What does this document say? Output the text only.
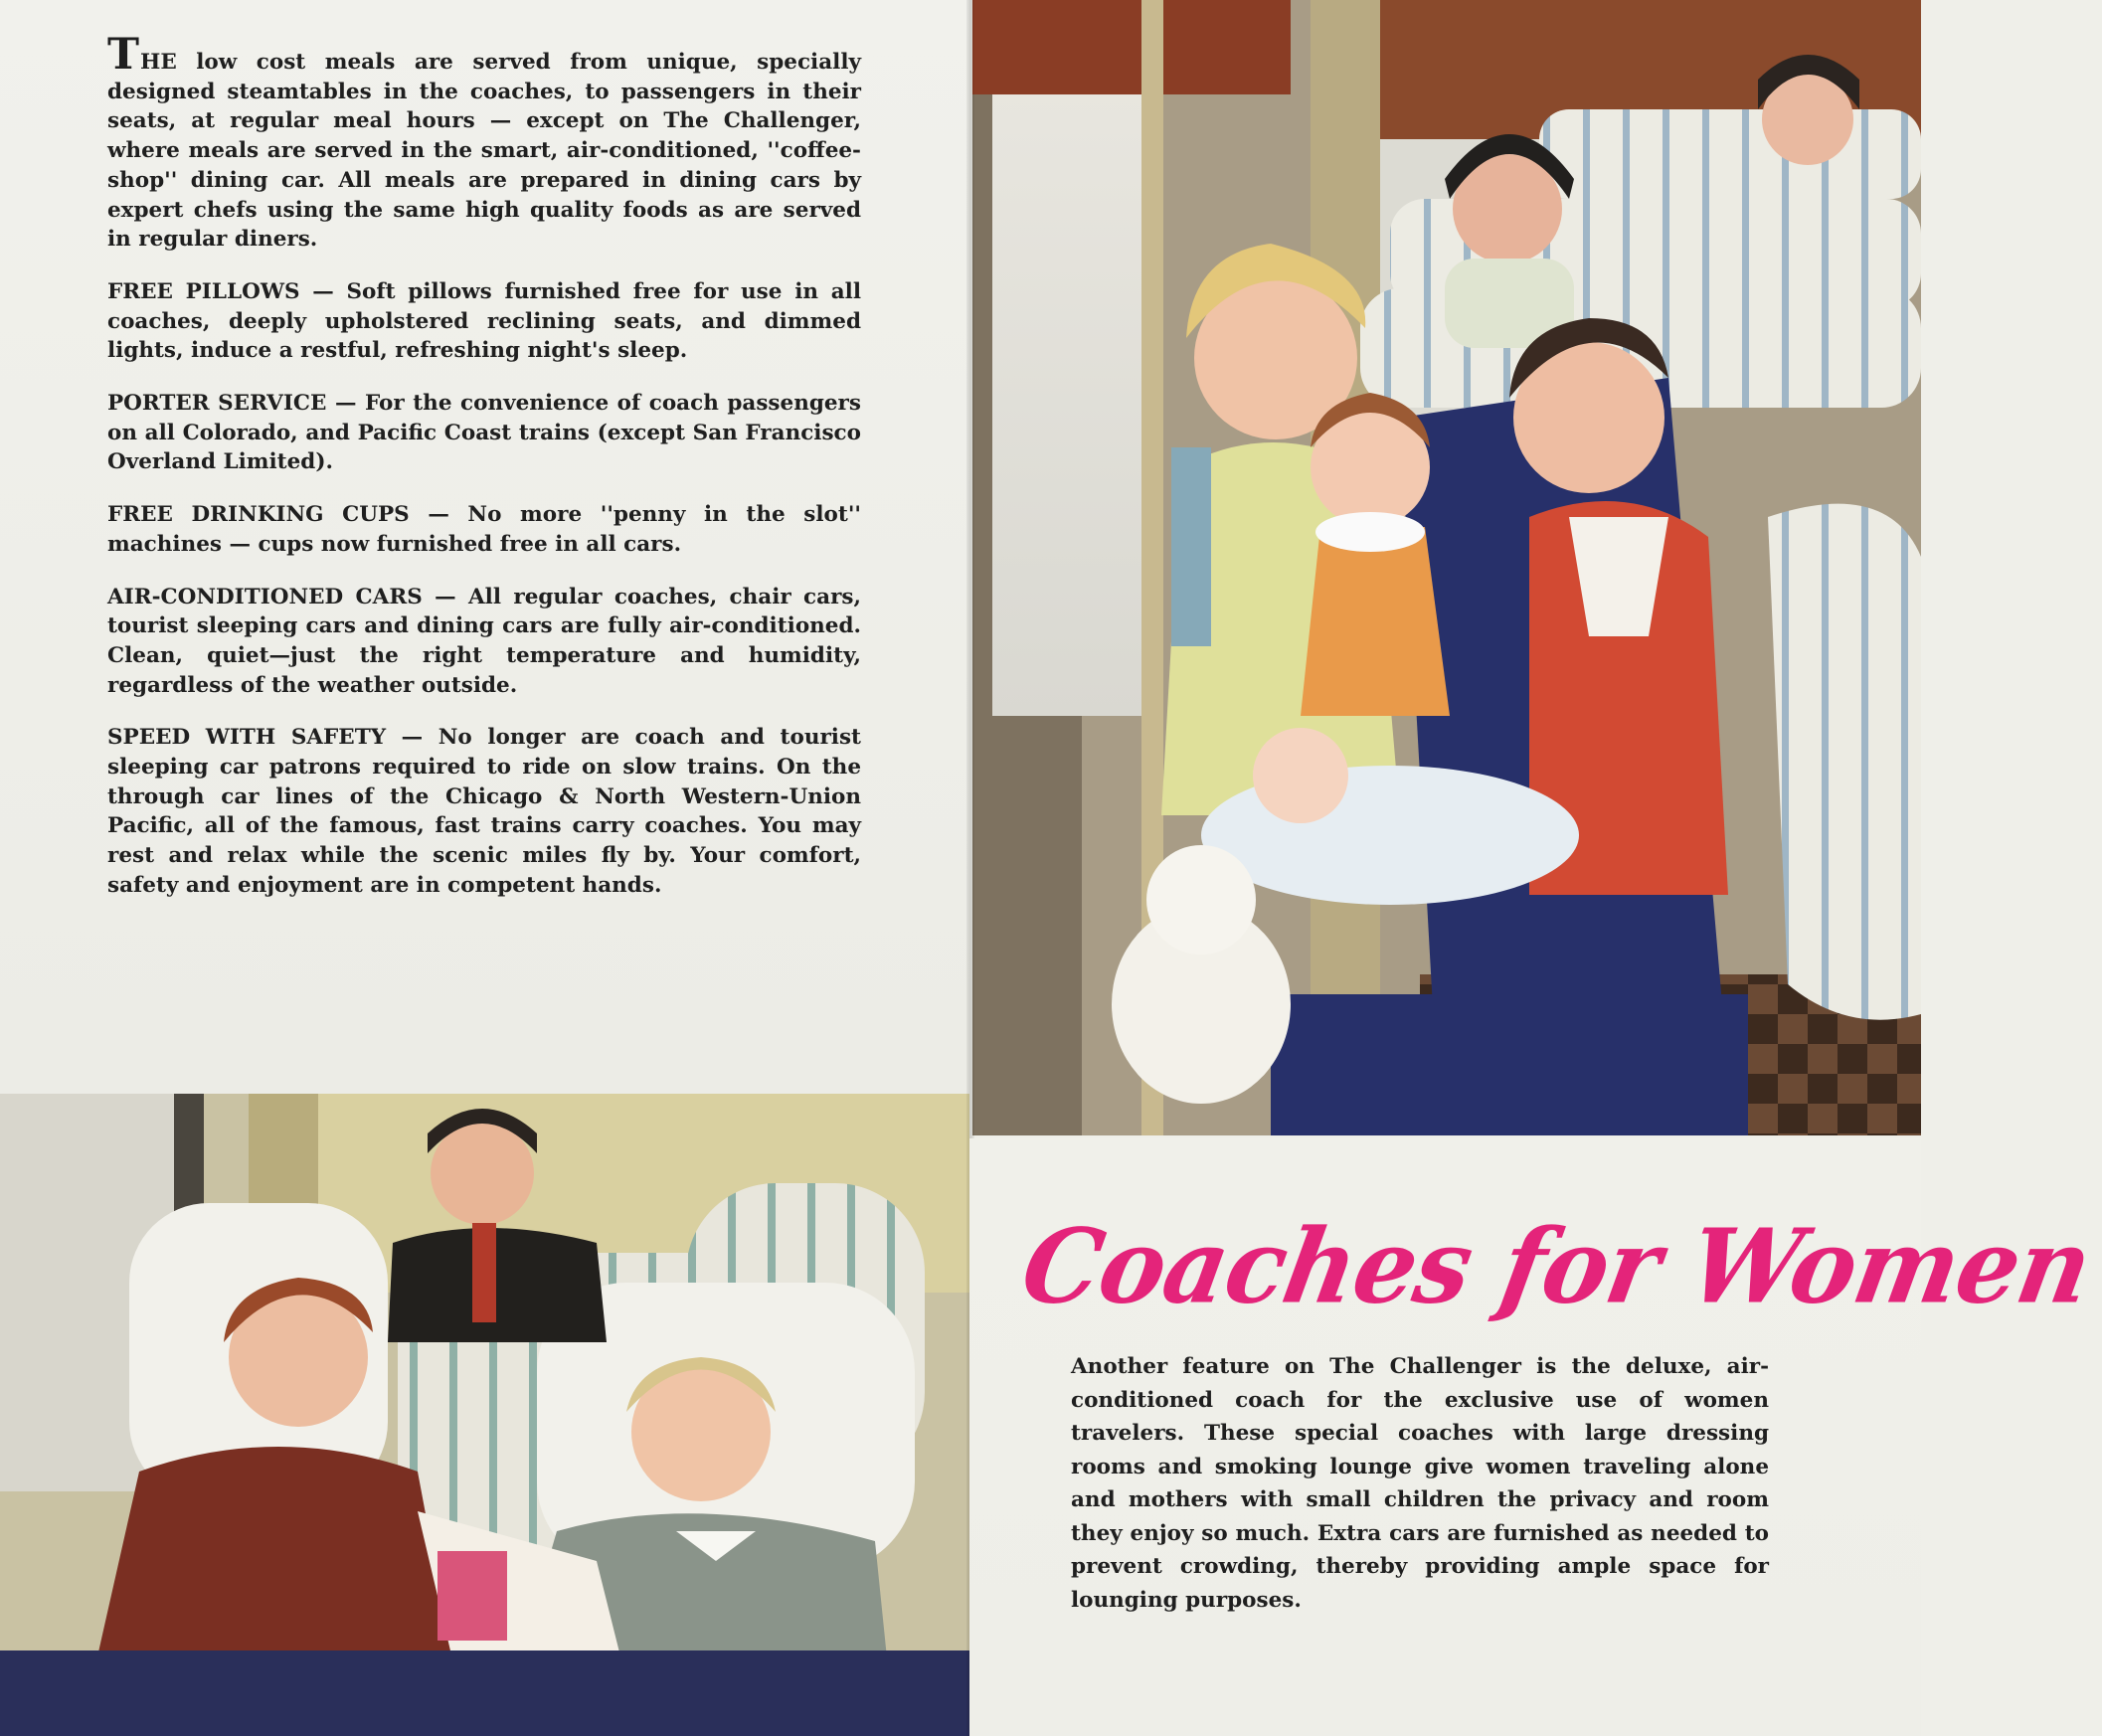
THE low cost meals are served from unique, specially designed steamtables in the coaches, to passengers in their seats, at regular meal hours — except on The Challenger, where meals are served in the smart, air-conditioned, ''coffee-shop'' dining car. All meals are prepared in dining cars by expert chefs using the same high quality foods as are served in regular diners.

FREE PILLOWS — Soft pillows furnished free for use in all coaches, deeply upholstered reclining seats, and dimmed lights, induce a restful, refreshing night's sleep.

PORTER SERVICE — For the convenience of coach passengers on all Colorado, and Pacific Coast trains (except San Francisco Overland Limited).

FREE DRINKING CUPS — No more ''penny in the slot'' machines — cups now furnished free in all cars.

AIR-CONDITIONED CARS — All regular coaches, chair cars, tourist sleeping cars and dining cars are fully air-conditioned. Clean, quiet—just the right temperature and humidity, regardless of the weather outside.

SPEED WITH SAFETY — No longer are coach and tourist sleeping car patrons required to ride on slow trains. On the through car lines of the Chicago & North Western-Union Pacific, all of the famous, fast trains carry coaches. You may rest and relax while the scenic miles fly by. Your comfort, safety and enjoyment are in competent hands.

Coaches for Women

Another feature on The Challenger is the deluxe, air-conditioned coach for the exclusive use of women travelers. These special coaches with large dressing rooms and smoking lounge give women traveling alone and mothers with small children the privacy and room they enjoy so much. Extra cars are furnished as needed to prevent crowding, thereby providing ample space for lounging purposes.
